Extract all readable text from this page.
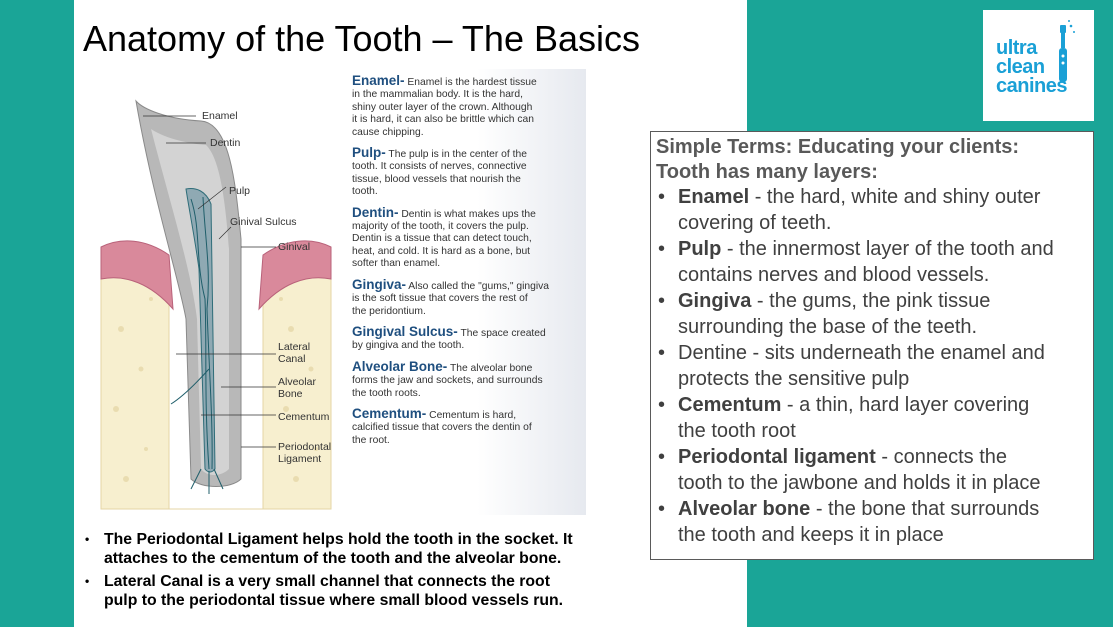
Anatomy of the Tooth – The Basics
Enamel
Dentin
Pulp
Ginival Sulcus
Ginival
Lateral
Canal
Alveolar
Bone
Cementum
Periodontal
Ligament
Enamel- Enamel is the hardest tissue
in the mammalian body. It is the hard,
shiny outer layer of the crown. Although
it is hard, it can also be brittle which can
cause chipping.
Pulp- The pulp is in the center of the
tooth. It consists of nerves, connective
tissue, blood vessels that nourish the
tooth.
Dentin- Dentin is what makes ups the
majority of the tooth, it covers the pulp.
Dentin is a tissue that can detect touch,
heat, and cold. It is hard as a bone, but
softer than enamel.
Gingiva- Also called the "gums," gingiva
is the soft tissue that covers the rest of
the peridontium.
Gingival Sulcus- The space created
by gingiva and the tooth.
Alveolar Bone- The alveolar bone
forms the jaw and sockets, and surrounds
the tooth roots.
Cementum- Cementum is hard,
calcified tissue that covers the dentin of
the root.
• The Periodontal Ligament helps hold the tooth in the socket. It
attaches to the cementum of the tooth and the alveolar bone.
• Lateral Canal is a very small channel that connects the root
pulp to the periodontal tissue where small blood vessels run.
ultra
clean
canines
Simple Terms: Educating your clients:
Tooth has many layers:
• Enamel - the hard, white and shiny outer
covering of teeth.
• Pulp - the innermost layer of the tooth and
contains nerves and blood vessels.
• Gingiva - the gums, the pink tissue
surrounding the base of the teeth.
• Dentine - sits underneath the enamel and
protects the sensitive pulp
• Cementum - a thin, hard layer covering
the tooth root
• Periodontal ligament - connects the
tooth to the jawbone and holds it in place
• Alveolar bone - the bone that surrounds
the tooth and keeps it in place
